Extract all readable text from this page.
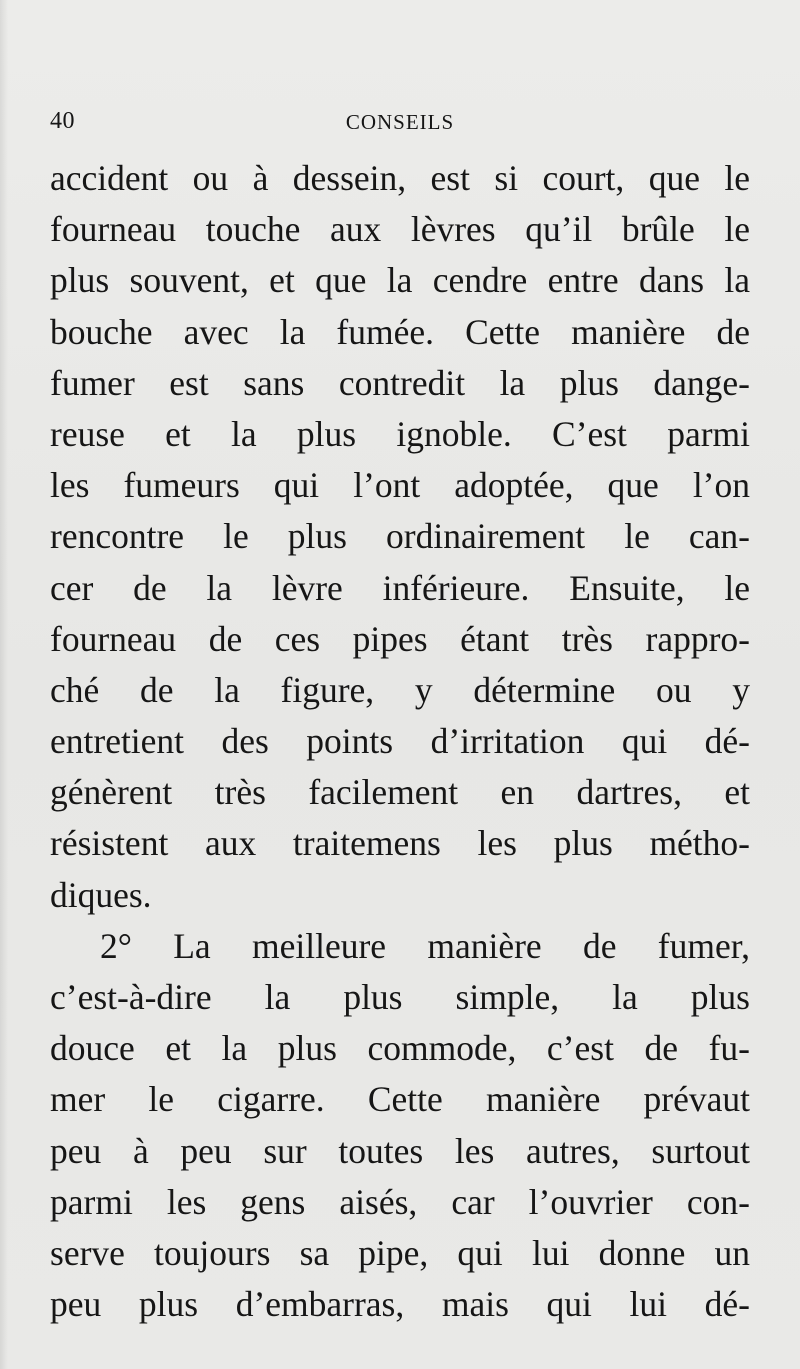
40	CONSEILS
accident ou à dessein, est si court, que le
fourneau touche aux lèvres qu’il brûle le
plus souvent, et que la cendre entre dans la
bouche avec la fumée. Cette manière de
fumer est sans contredit la plus dange-
reuse et la plus ignoble. C’est parmi
les fumeurs qui l’ont adoptée, que l’on
rencontre le plus ordinairement le can-
cer de la lèvre inférieure. Ensuite, le
fourneau de ces pipes étant très rappro-
ché de la figure, y détermine ou y
entretient des points d’irritation qui dé-
génèrent très facilement en dartres, et
résistent aux traitemens les plus métho-
diques.
2° La meilleure manière de fumer,
c’est-à-dire la plus simple, la plus
douce et la plus commode, c’est de fu-
mer le cigarre. Cette manière prévaut
peu à peu sur toutes les autres, surtout
parmi les gens aisés, car l’ouvrier con-
serve toujours sa pipe, qui lui donne un
peu plus d’embarras, mais qui lui dé-
